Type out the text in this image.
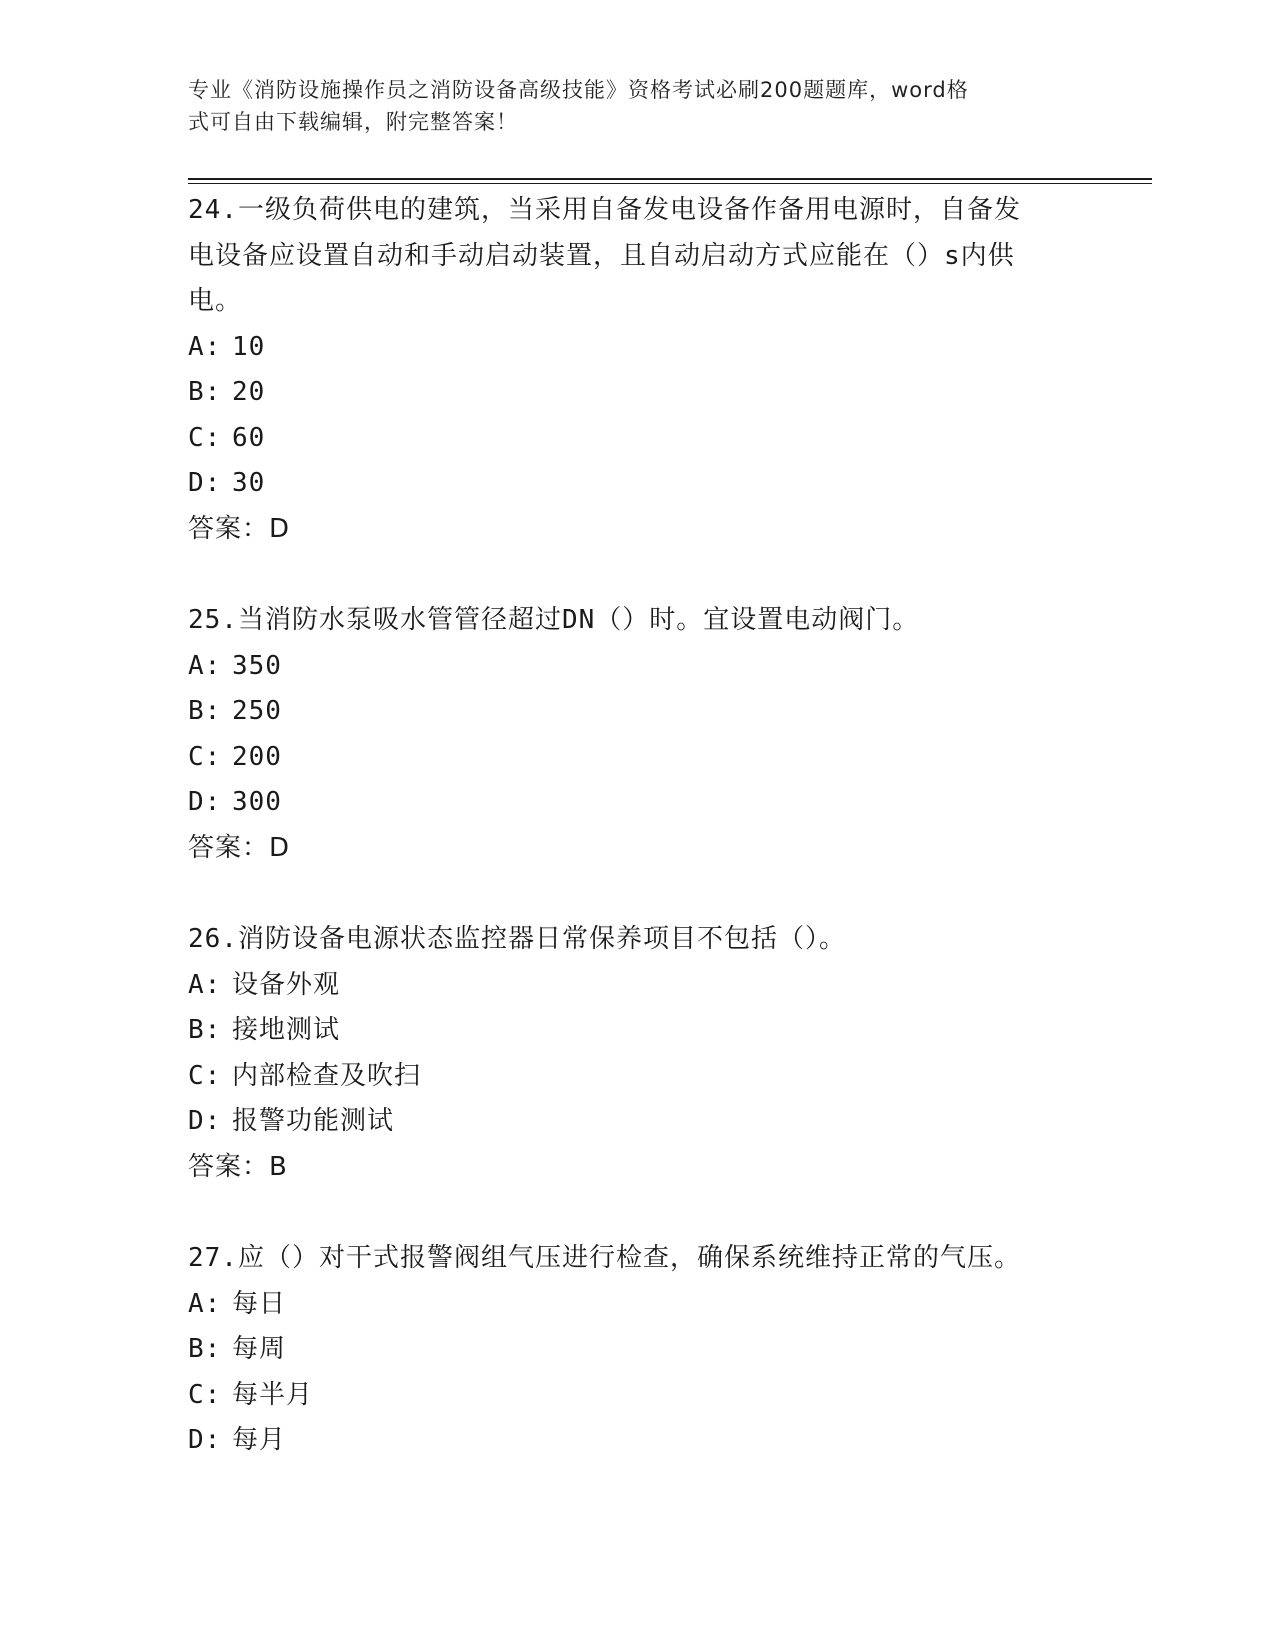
专业《消防设施操作员之消防设备高级技能》资格考试必刷200题题库，word格
式可自由下载编辑，附完整答案！

24.一级负荷供电的建筑，当采用自备发电设备作备用电源时，自备发

电设备应设置自动和手动启动装置，且自动启动方式应能在（）s内供

电。

A: 10

B: 20

C: 60

D: 30

答案：D

25.当消防水泵吸水管管径超过DN（）时。宜设置电动阀门。

A: 350

B: 250

C: 200

D: 300

答案：D

26.消防设备电源状态监控器日常保养项目不包括（）。

A: 设备外观

B: 接地测试

C: 内部检查及吹扫

D: 报警功能测试

答案：B

27.应（）对干式报警阀组气压进行检查，确保系统维持正常的气压。

A: 每日

B: 每周

C: 每半月

D: 每月
